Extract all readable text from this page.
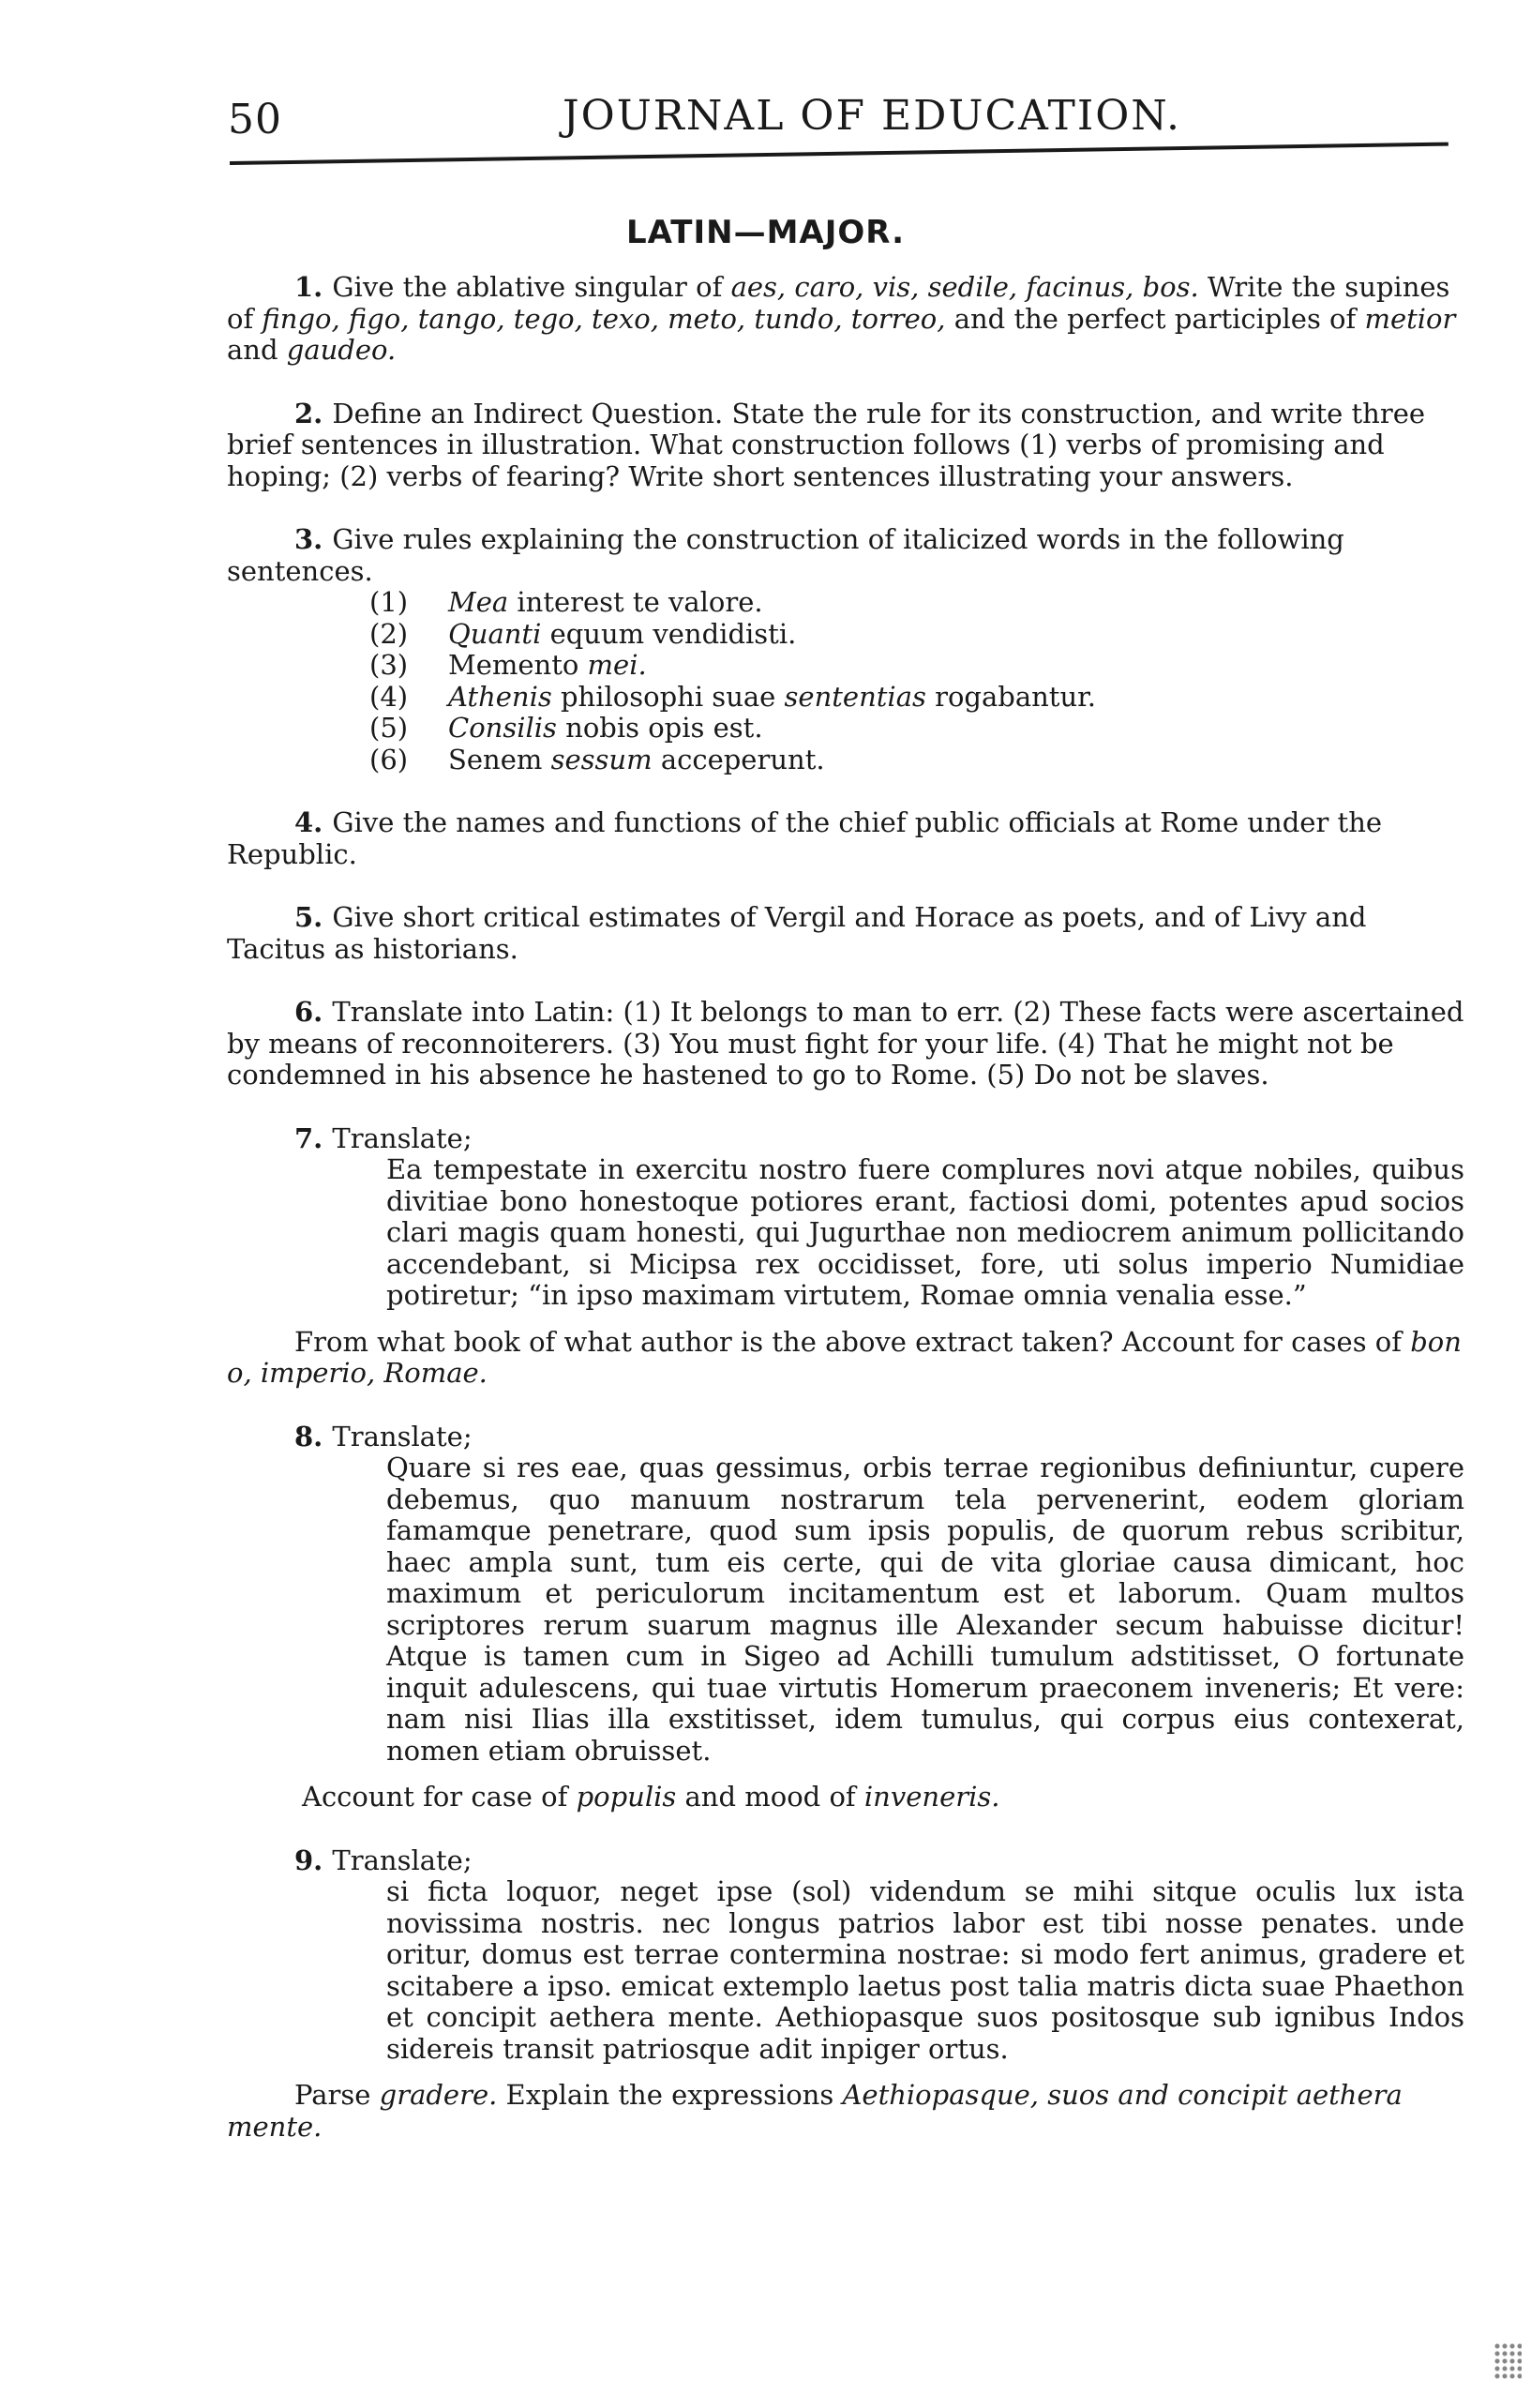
50	JOURNAL OF EDUCATION.
LATIN—MAJOR.

1. Give the ablative singular of aes, caro, vis, sedile, facinus, bos. Write the supines of fingo, figo, tango, tego, texo, meto, tundo, torreo, and the perfect participles of metior and gaudeo.

2. Define an Indirect Question. State the rule for its construction, and write three brief sentences in illustration. What construction follows (1) verbs of promising and hoping; (2) verbs of fearing? Write short sentences illustrating your answers.

3. Give rules explaining the construction of italicized words in the following sentences.

(1) Mea interest te valore.
(2) Quanti equum vendidisti.
(3) Memento mei.
(4) Athenis philosophi suae sententias rogabantur.
(5) Consilis nobis opis est.
(6) Senem sessum acceperunt.

4. Give the names and functions of the chief public officials at Rome under the Republic.

5. Give short critical estimates of Vergil and Horace as poets, and of Livy and Tacitus as historians.

6. Translate into Latin: (1) It belongs to man to err. (2) These facts were ascertained by means of reconnoiterers. (3) You must fight for your life. (4) That he might not be condemned in his absence he hastened to go to Rome. (5) Do not be slaves.

7. Translate;
Ea tempestate in exercitu nostro fuere complures novi atque nobiles, quibus divitiae bono honestoque potiores erant, factiosi domi, potentes apud socios clari magis quam honesti, qui Jugurthae non mediocrem animum pollicitando accendebant, si Micipsa rex occidisset, fore, uti solus imperio Numidiae potiretur; “in ipso maximam virtutem, Romae omnia venalia esse.”
From what book of what author is the above extract taken? Account for cases of bon o, imperio, Romae.
8. Translate;
Quare si res eae, quas gessimus, orbis terrae regionibus definiuntur, cupere debemus, quo manuum nostrarum tela pervenerint, eodem gloriam famamque penetrare, quod sum ipsis populis, de quorum rebus scribitur, haec ampla sunt, tum eis certe, qui de vita gloriae causa dimicant, hoc maximum et periculorum incitamentum est et laborum. Quam multos scriptores rerum suarum magnus ille Alexander secum habuisse dicitur! Atque is tamen cum in Sigeo ad Achilli tumulum adstitisset, O fortunate inquit adulescens, qui tuae virtutis Homerum praeconem inveneris; Et vere: nam nisi Ilias illa exstitisset, idem tumulus, qui corpus eius contexerat, nomen etiam obruisset.
Account for case of populis and mood of inveneris.
9. Translate;
si ficta loquor, neget ipse (sol) videndum se mihi sitque oculis lux ista novissima nostris. nec longus patrios labor est tibi nosse penates. unde oritur, domus est terrae contermina nostrae: si modo fert animus, gradere et scitabere a ipso. emicat extemplo laetus post talia matris dicta suae Phaethon et concipit aethera mente. Aethiopasque suos positosque sub ignibus Indos sidereis transit patriosque adit inpiger ortus.
Parse gradere. Explain the expressions Aethiopasque, suos and concipit aethera mente.
